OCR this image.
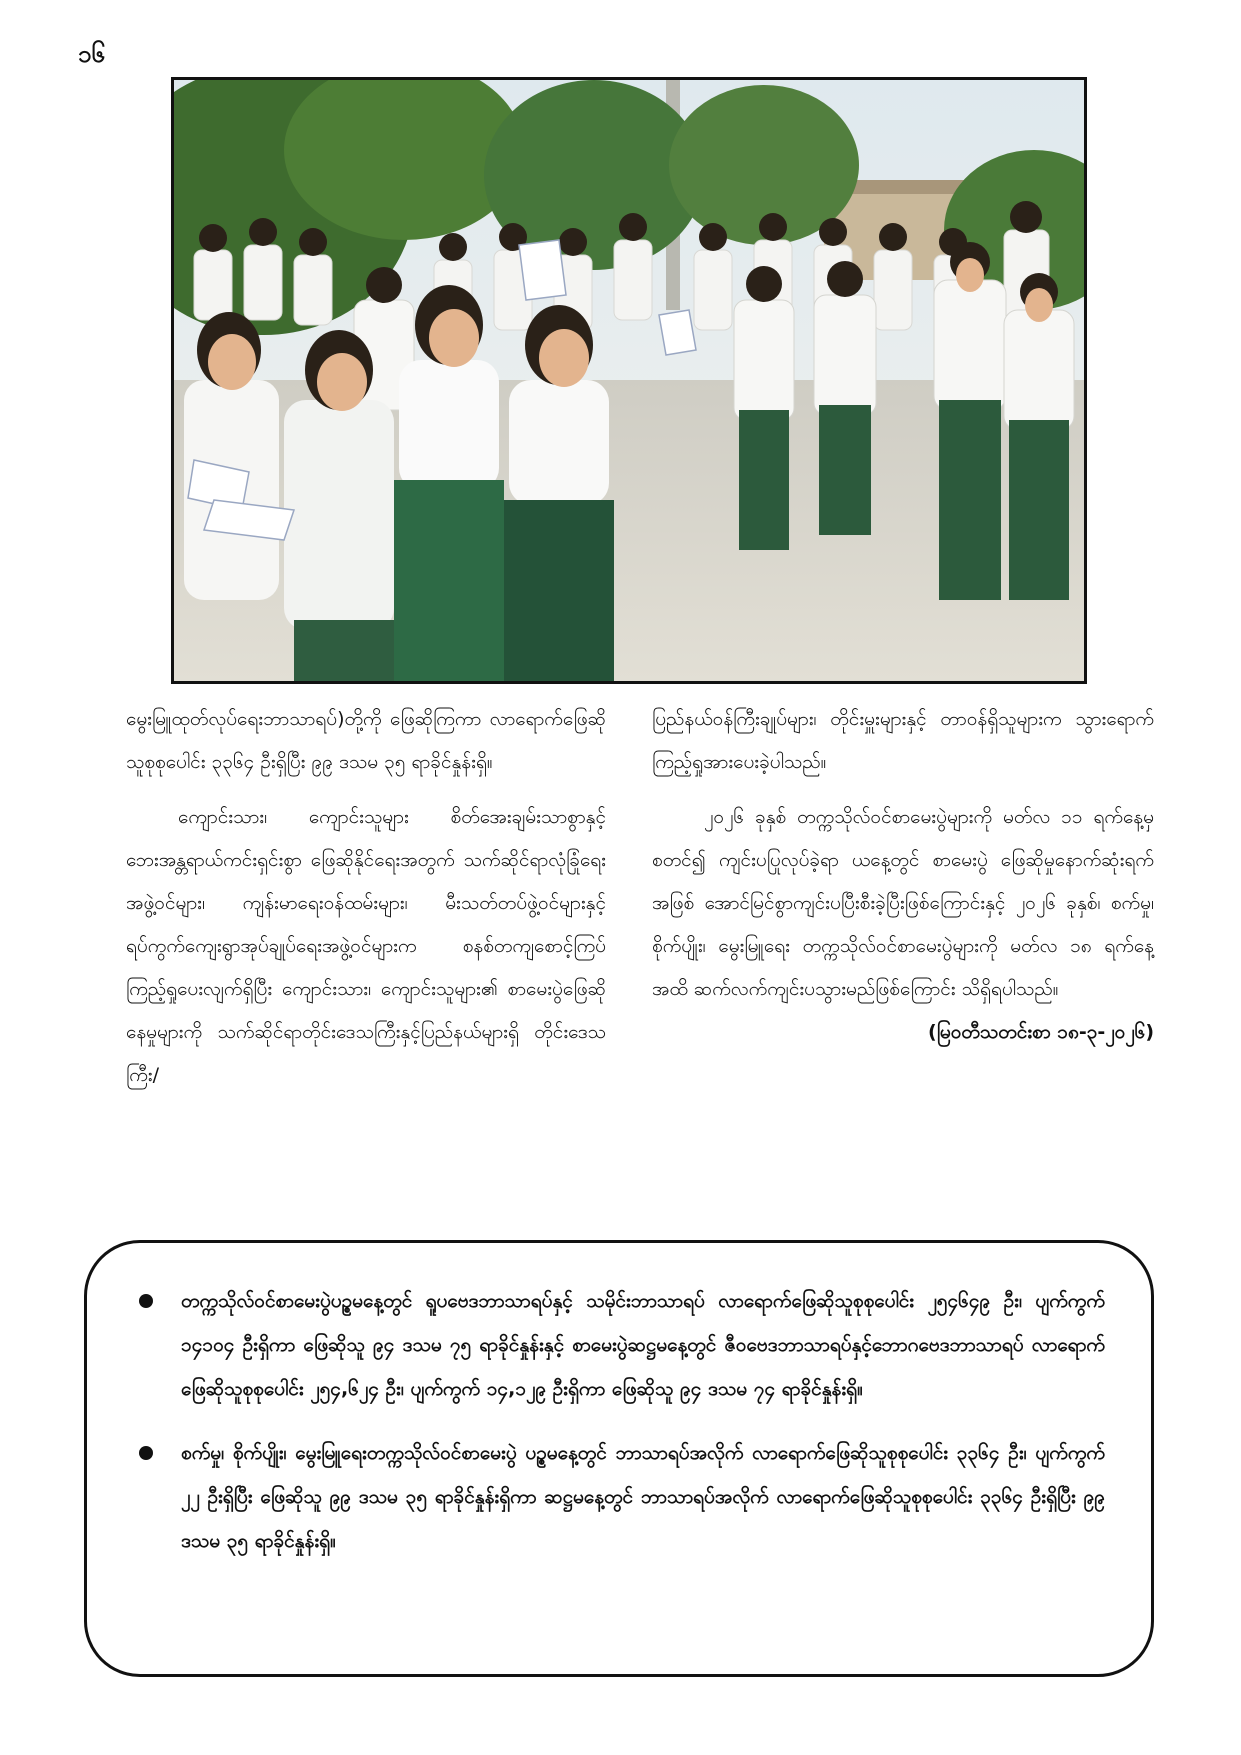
၁၆

မွေးမြူထုတ်လုပ်ရေးဘာသာရပ်)တို့ကို ဖြေဆိုကြကာ လာရောက်ဖြေဆိုသူစုစုပေါင်း ၃၃၆၄ ဦးရှိပြီး ၉၉ ဒသမ ၃၅ ရာခိုင်နှုန်းရှိ။

ကျောင်းသား၊ ကျောင်းသူများ စိတ်အေးချမ်းသာစွာနှင့် ဘေးအန္တရာယ်ကင်းရှင်းစွာ ဖြေဆိုနိုင်ရေးအတွက် သက်ဆိုင်ရာလုံခြုံရေးအဖွဲ့ဝင်များ၊ ကျန်းမာရေးဝန်ထမ်းများ၊ မီးသတ်တပ်ဖွဲ့ဝင်များနှင့် ရပ်ကွက်ကျေးရွာအုပ်ချုပ်ရေးအဖွဲ့ဝင်များက စနစ်တကျစောင့်ကြပ်ကြည့်ရှုပေးလျက်ရှိပြီး ကျောင်းသား၊ ကျောင်းသူများ၏ စာမေးပွဲဖြေဆိုနေမှုများကို သက်ဆိုင်ရာတိုင်းဒေသကြီးနှင့်ပြည်နယ်များရှိ တိုင်းဒေသကြီး/

ပြည်နယ်ဝန်ကြီးချုပ်များ၊ တိုင်းမှူးများနှင့် တာဝန်ရှိသူများက သွားရောက်ကြည့်ရှုအားပေးခဲ့ပါသည်။

၂၀၂၆ ခုနှစ် တက္ကသိုလ်ဝင်စာမေးပွဲများကို မတ်လ ၁၁ ရက်နေ့မှစတင်၍ ကျင်းပပြုလုပ်ခဲ့ရာ ယနေ့တွင် စာမေးပွဲ ဖြေဆိုမှုနောက်ဆုံးရက်အဖြစ် အောင်မြင်စွာကျင်းပပြီးစီးခဲ့ပြီးဖြစ်ကြောင်းနှင့် ၂၀၂၆ ခုနှစ်၊ စက်မှု၊ စိုက်ပျိုး၊ မွေးမြူရေး တက္ကသိုလ်ဝင်စာမေးပွဲများကို မတ်လ ၁၈ ရက်နေ့အထိ ဆက်လက်ကျင်းပသွားမည်ဖြစ်ကြောင်း သိရှိရပါသည်။

(မြဝတီသတင်းစာ ၁၈-၃-၂၀၂၆)

တက္ကသိုလ်ဝင်စာမေးပွဲပဉ္စမနေ့တွင် ရူပဗေဒဘာသာရပ်နှင့် သမိုင်းဘာသာရပ် လာရောက်ဖြေဆိုသူစုစုပေါင်း ၂၅၄၆၄၉ ဦး၊ ပျက်ကွက် ၁၄၁၀၄ ဦးရှိကာ ဖြေဆိုသူ ၉၄ ဒသမ ၇၅ ရာခိုင်နှုန်းနှင့် စာမေးပွဲဆဋ္ဌမနေ့တွင် ဇီဝဗေဒဘာသာရပ်နှင့်ဘောဂဗေဒဘာသာရပ် လာရောက်ဖြေဆိုသူစုစုပေါင်း ၂၅၄,၆၂၄ ဦး၊ ပျက်ကွက် ၁၄,၁၂၉ ဦးရှိကာ ဖြေဆိုသူ ၉၄ ဒသမ ၇၄ ရာခိုင်နှုန်းရှိ။
စက်မှု၊ စိုက်ပျိုး၊ မွေးမြူရေးတက္ကသိုလ်ဝင်စာမေးပွဲ ပဉ္စမနေ့တွင် ဘာသာရပ်အလိုက် လာရောက်ဖြေဆိုသူစုစုပေါင်း ၃၃၆၄ ဦး၊ ပျက်ကွက် ၂၂ ဦးရှိပြီး ဖြေဆိုသူ ၉၉ ဒသမ ၃၅ ရာခိုင်နှုန်းရှိကာ ဆဋ္ဌမနေ့တွင် ဘာသာရပ်အလိုက် လာရောက်ဖြေဆိုသူစုစုပေါင်း ၃၃၆၄ ဦးရှိပြီး ၉၉ ဒသမ ၃၅ ရာခိုင်နှုန်းရှိ။
